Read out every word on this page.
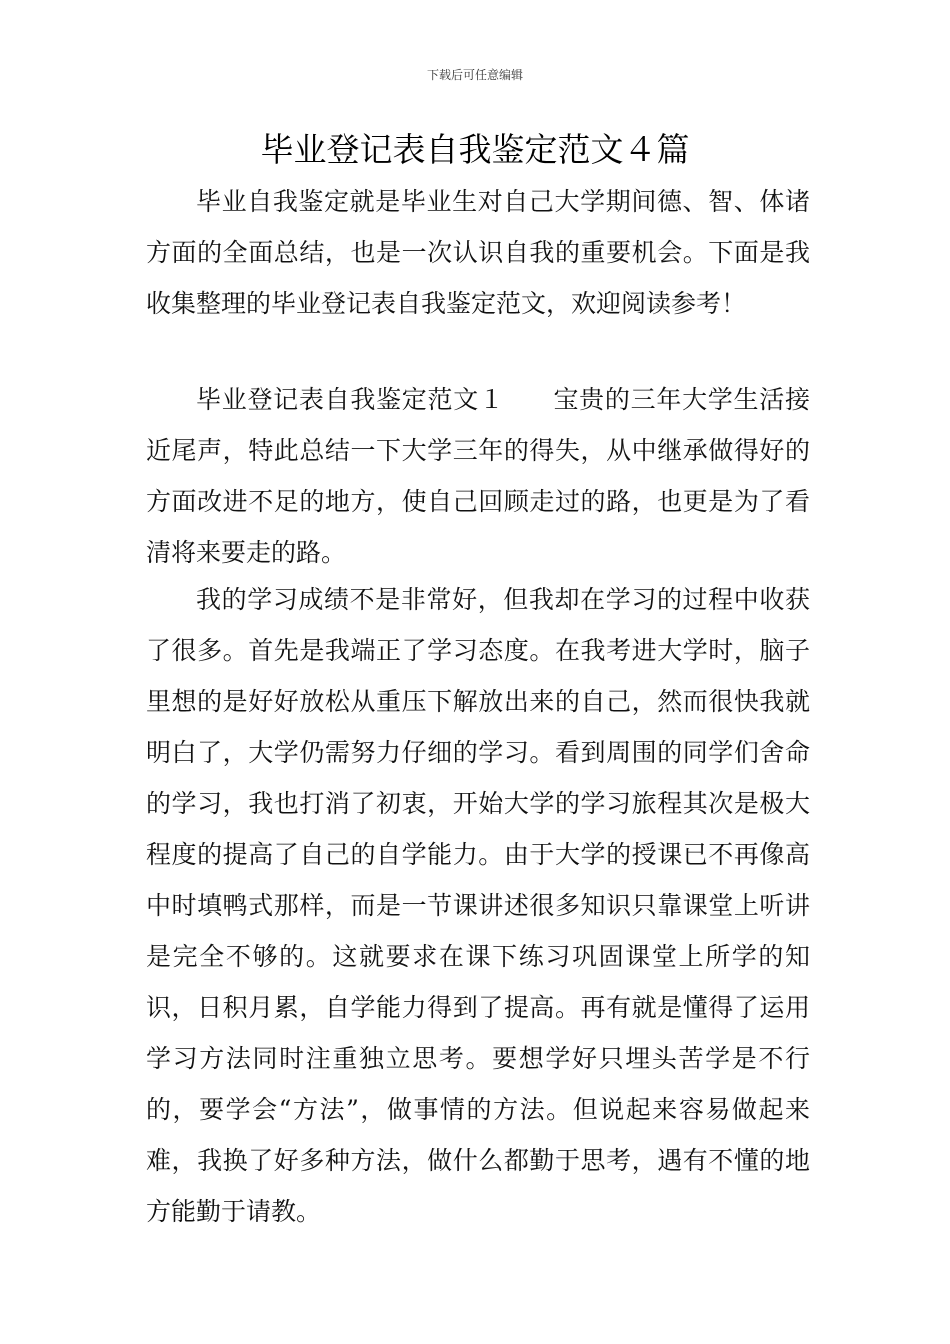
下载后可任意编辑
毕业登记表自我鉴定范文４篇

毕业自我鉴定就是毕业生对自己大学期间德、智、体诸方面的全面总结，也是一次认识自我的重要机会。下面是我收集整理的毕业登记表自我鉴定范文，欢迎阅读参考！

毕业登记表自我鉴定范文１ 宝贵的三年大学生活接近尾声，特此总结一下大学三年的得失，从中继承做得好的方面改进不足的地方，使自己回顾走过的路，也更是为了看清将来要走的路。

我的学习成绩不是非常好，但我却在学习的过程中收获了很多。首先是我端正了学习态度。在我考进大学时，脑子里想的是好好放松从重压下解放出来的自己，然而很快我就明白了，大学仍需努力仔细的学习。看到周围的同学们舍命的学习，我也打消了初衷，开始大学的学习旅程其次是极大程度的提高了自己的自学能力。由于大学的授课已不再像高中时填鸭式那样，而是一节课讲述很多知识只靠课堂上听讲是完全不够的。这就要求在课下练习巩固课堂上所学的知识，日积月累，自学能力得到了提高。再有就是懂得了运用学习方法同时注重独立思考。要想学好只埋头苦学是不行的，要学会“方法”，做事情的方法。但说起来容易做起来难，我换了好多种方法，做什么都勤于思考，遇有不懂的地方能勤于请教。
